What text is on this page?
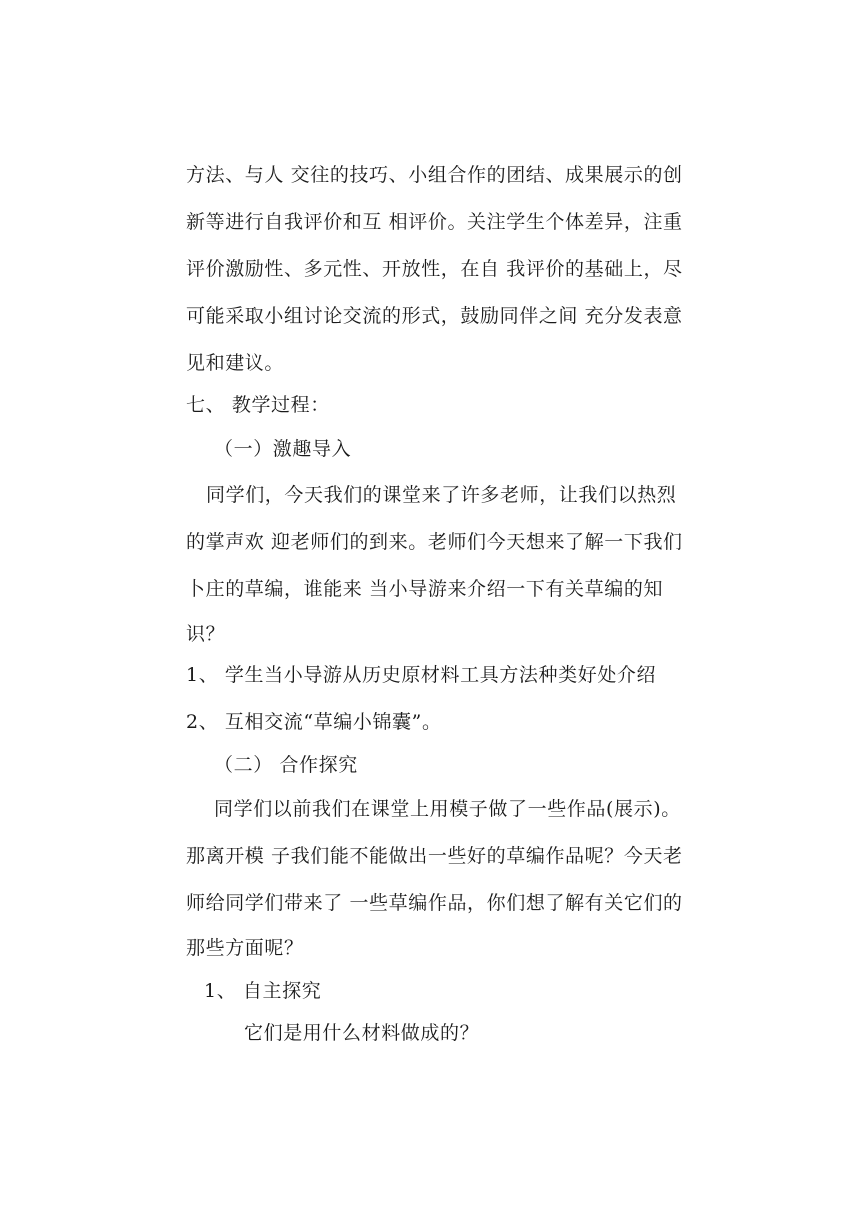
方法、与人 交往的技巧、小组合作的团结、成果展示的创
新等进行自我评价和互 相评价。关注学生个体差异，注重
评价激励性、多元性、开放性，在自 我评价的基础上，尽
可能采取小组讨论交流的形式，鼓励同伴之间 充分发表意
见和建议。
七、 教学过程：
（一）激趣导入
同学们，今天我们的课堂来了许多老师，让我们以热烈
的掌声欢 迎老师们的到来。老师们今天想来了解一下我们
卜庄的草编，谁能来 当小导游来介绍一下有关草编的知
识？
1、 学生当小导游从历史原材料工具方法种类好处介绍
2、 互相交流“草编小锦囊”。
（二） 合作探究
同学们以前我们在课堂上用模子做了一些作品(展示)。
那离开模 子我们能不能做出一些好的草编作品呢？今天老
师给同学们带来了 一些草编作品，你们想了解有关它们的
那些方面呢？
1、 自主探究
它们是用什么材料做成的？
